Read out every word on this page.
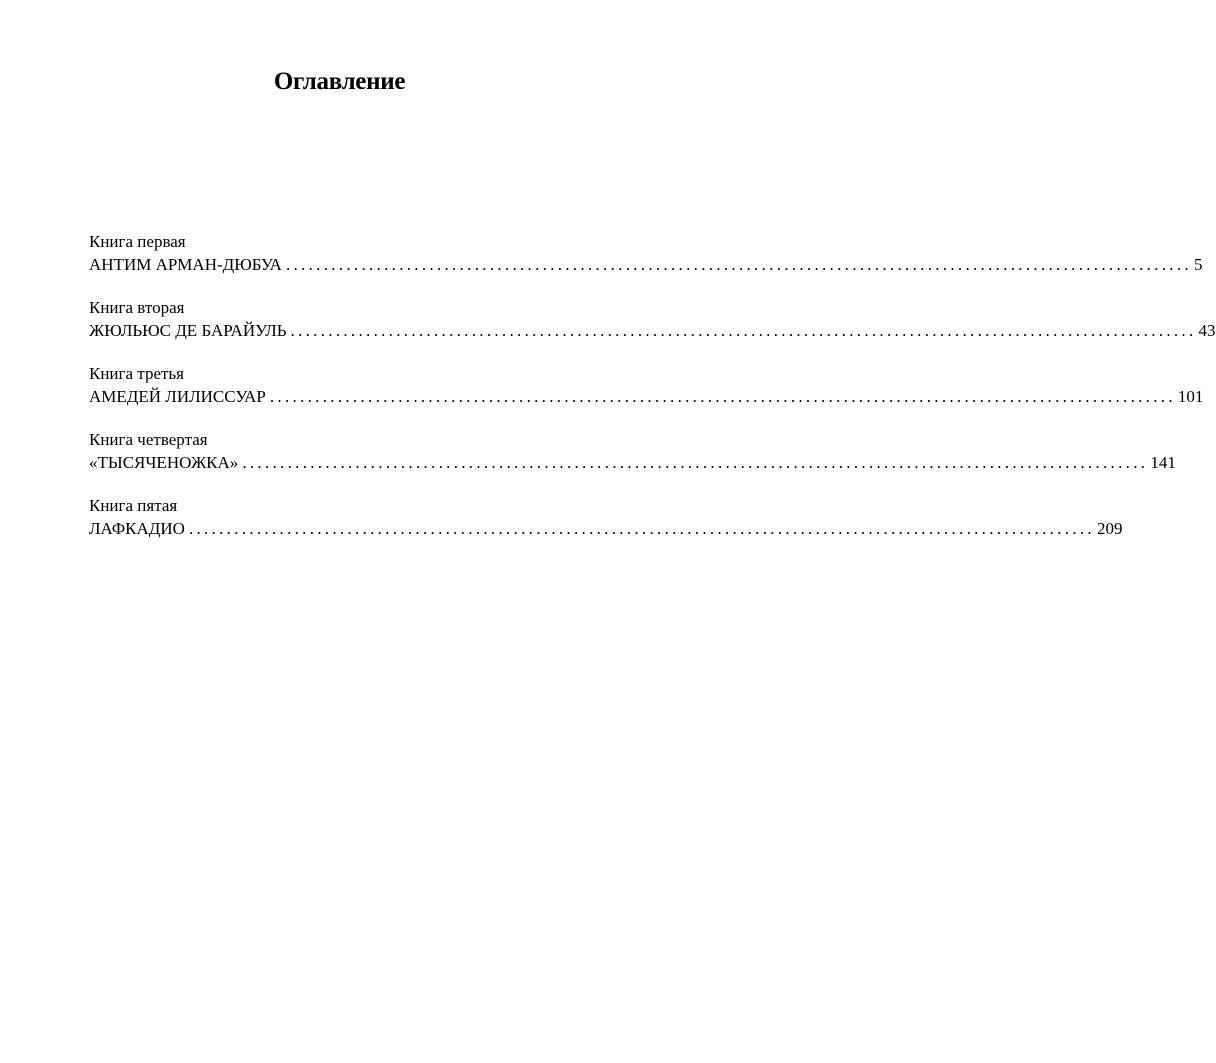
Оглавление
Книга первая
АНТИМ АРМАН-ДЮБУА ........................................................................................................................ 5
Книга вторая
ЖЮЛЬЮС ДЕ БАРАЙУЛЬ ........................................................................................................................ 43
Книга третья
АМЕДЕЙ ЛИЛИССУАР ........................................................................................................................ 101
Книга четвертая
«ТЫСЯЧЕНОЖКА» ........................................................................................................................ 141
Книга пятая
ЛАФКАДИО ........................................................................................................................ 209
